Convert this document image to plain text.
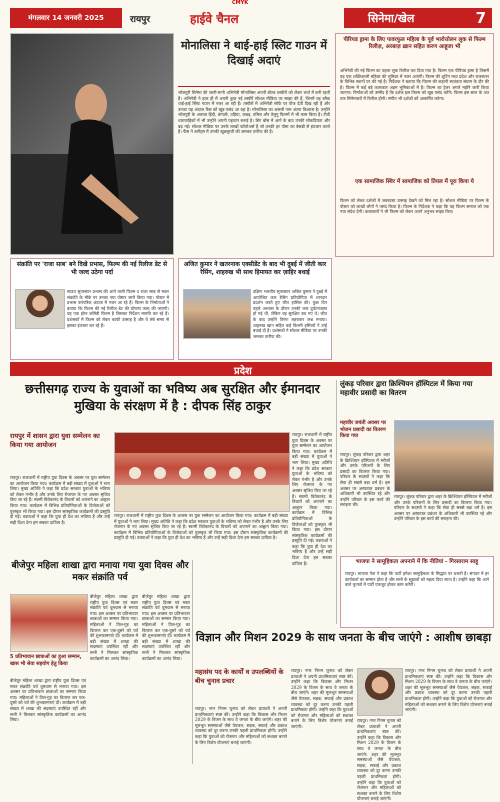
CMYK
मंगलवार 14 जनवरी 2025	रायपुर	हाईवे चैनल	सिनेमा/खेल	7
मोनालिसा ने थाई-हाई स्लिट गाउन में दिखाई अदाएं
भोजपुरी सिनेमा की जानी-मानी अभिनेत्री मोनालिसा अपनी बोल्ड तस्वीरों को लेकर चर्चा में बनी रहती हैं। अभिनेत्री ने हाल ही में अपनी कुछ नई तस्वीरें सोशल मीडिया पर साझा की हैं, जिनमें वह ब्लैक थाई-हाई स्लिट गाउन में नजर आ रही हैं। तस्वीरों में अभिनेत्री सोफे पर पोज देती दिख रही हैं और उनका यह अंदाज फैंस को खूब पसंद आ रहा है। मोनालिसा का असली नाम अंतरा विश्वास है। उन्होंने भोजपुरी के अलावा हिंदी, बंगाली, उड़िया, कन्नड़, तमिल और तेलुगू फिल्मों में भी काम किया है। टीवी धारावाहिकों में भी उन्होंने अपनी पहचान बनाई है। बिग बॉस में आने के बाद उनकी लोकप्रियता और बढ़ गई। सोशल मीडिया पर उनके लाखों फॉलोअर्स हैं जो उनकी हर पोस्ट का बेसब्री से इंतजार करते हैं। फैंस ने कमेंट्स में उनकी खूबसूरती की जमकर तारीफ की है।
पीरियड ड्रामा के लिए पावरफुल महिला के पूर्व भारोत्तोलन लुक से फिल्म रिलीज़, अरबाज़ ख़ान सहित करण आहूजा भी
अभिनेत्री की नई फिल्म का पहला लुक रिलीज कर दिया गया है। फिल्म एक पीरियड ड्रामा है जिसमें वह एक शक्तिशाली महिला की भूमिका में नजर आएंगी। फिल्म की शूटिंग मध्य प्रदेश और राजस्थान के विभिन्न स्थानों पर की गई है। निर्देशक ने बताया कि फिल्म की कहानी स्वतंत्रता संग्राम के दौर की है। फिल्म में कई बड़े कलाकार अहम भूमिकाओं में हैं। फिल्म का ट्रेलर अगले महीने जारी किया जाएगा। निर्माताओं को उम्मीद है कि दर्शक इस फिल्म को खूब पसंद करेंगे। फिल्म इस साल के अंत तक सिनेमाघरों में रिलीज होगी। संगीत भी दर्शकों को आकर्षित करेगा।
एक सामाजिक स्थिर में सामाजिक को तियल में पूरा किया ये
फिल्म को लेकर दर्शकों में जबरदस्त उत्साह देखने को मिल रहा है। सोशल मीडिया पर फिल्म के पोस्टर को लाखों लोगों ने पसंद किया है। फिल्म के निर्देशक ने कहा कि यह फिल्म समाज को एक नया संदेश देगी। कलाकारों ने भी फिल्म को लेकर अपने अनुभव साझा किए।
संक्रांति पर 'राजा साब' बने दिखे प्रभास, फिल्म की नई रिलीज डेट से भी जल्द उठेगा पर्दा
साउथ सुपरस्टार प्रभास की आने वाली फिल्म द राजा साब से मकर संक्रांति के मौके पर उनका नया पोस्टर जारी किया गया। पोस्टर में प्रभास पारंपरिक अंदाज में नजर आ रहे हैं। फिल्म के निर्माताओं ने बताया कि फिल्म की नई रिलीज डेट की घोषणा जल्द की जाएगी। यह एक हॉरर कॉमेडी फिल्म है जिसका निर्देशन मारुति कर रहे हैं। प्रशंसकों में फिल्म को लेकर काफी उत्साह है और वे लंबे समय से इसका इंतजार कर रहे हैं।
अजित कुमार ने खतरनाक एक्सीडेंट के बाद भी दुबई में जीती कार रेसिंग, शाहरुख भी साथ हिमायत कर ज़ाहिर बधाई
दक्षिण भारतीय सुपरस्टार अजित कुमार ने दुबई में आयोजित कार रेसिंग प्रतियोगिता में शानदार प्रदर्शन करते हुए जीत हासिल की। कुछ दिन पहले अभ्यास के दौरान उनकी कार दुर्घटनाग्रस्त हो गई थी, लेकिन वह सुरक्षित बच गए थे। जीत के बाद उन्होंने तिरंगा लहराकर जश्न मनाया। शाहरुख खान सहित कई फिल्मी हस्तियों ने उन्हें बधाई दी है। प्रशंसकों ने सोशल मीडिया पर उनकी जमकर तारीफ की।
प्रदेश
छत्तीसगढ़ राज्य के युवाओं का भविष्य अब सुरक्षित और ईमानदार मुखिया के संरक्षण में है : दीपक सिंह ठाकुर
रायपुर में शासन द्वारा युवा सम्मेलन का किया गया आयोजन
रायपुर। राजधानी में राष्ट्रीय युवा दिवस के अवसर पर युवा सम्मेलन का आयोजन किया गया। कार्यक्रम में बड़ी संख्या में युवाओं ने भाग लिया। मुख्य अतिथि ने कहा कि प्रदेश सरकार युवाओं के भविष्य को लेकर गंभीर है और उनके लिए रोजगार के नए अवसर सृजित किए जा रहे हैं। स्वामी विवेकानंद के विचारों को अपनाने का आह्वान किया गया। कार्यक्रम में विभिन्न प्रतियोगिताओं के विजेताओं को पुरस्कृत भी किया गया। इस दौरान सांस्कृतिक कार्यक्रमों की प्रस्तुति दी गई। वक्ताओं ने कहा कि युवा ही देश का भविष्य हैं और उन्हें सही दिशा देना हम सबका दायित्व है।
रायपुर। राजधानी में राष्ट्रीय युवा दिवस के अवसर पर युवा सम्मेलन का आयोजन किया गया। कार्यक्रम में बड़ी संख्या में युवाओं ने भाग लिया। मुख्य अतिथि ने कहा कि प्रदेश सरकार युवाओं के भविष्य को लेकर गंभीर है और उनके लिए रोजगार के नए अवसर सृजित किए जा रहे हैं। स्वामी विवेकानंद के विचारों को अपनाने का आह्वान किया गया। कार्यक्रम में विभिन्न प्रतियोगिताओं के विजेताओं को पुरस्कृत भी किया गया। इस दौरान सांस्कृतिक कार्यक्रमों की प्रस्तुति दी गई। वक्ताओं ने कहा कि युवा ही देश का भविष्य हैं और उन्हें सही दिशा देना हम सबका दायित्व है।
रायपुर। राजधानी में राष्ट्रीय युवा दिवस के अवसर पर युवा सम्मेलन का आयोजन किया गया। कार्यक्रम में बड़ी संख्या में युवाओं ने भाग लिया। मुख्य अतिथि ने कहा कि प्रदेश सरकार युवाओं के भविष्य को लेकर गंभीर है और उनके लिए रोजगार के नए अवसर सृजित किए जा रहे हैं। स्वामी विवेकानंद के विचारों को अपनाने का आह्वान किया गया। कार्यक्रम में विभिन्न प्रतियोगिताओं के विजेताओं को पुरस्कृत भी किया गया। इस दौरान सांस्कृतिक कार्यक्रमों की प्रस्तुति दी गई। वक्ताओं ने कहा कि युवा ही देश का भविष्य हैं और उन्हें सही दिशा देना हम सबका दायित्व है।
लुंकड़ परिवार द्वारा क्रिश्चियन हॉस्पिटल में किया गया महावीर प्रसादी का वितरण
महावीर जयंती अवसर पर भोजन प्रसादी का वितरण किया गया
रायपुर। लुंकड़ परिवार द्वारा शहर के क्रिश्चियन हॉस्पिटल में मरीजों और उनके परिजनों के लिए प्रसादी का वितरण किया गया। परिवार के सदस्यों ने कहा कि सेवा ही सबसे बड़ा धर्म है। इस अवसर पर अस्पताल प्रबंधन के अधिकारी भी उपस्थित रहे और उन्होंने परिवार के इस कार्य की सराहना की।
रायपुर। लुंकड़ परिवार द्वारा शहर के क्रिश्चियन हॉस्पिटल में मरीजों और उनके परिजनों के लिए प्रसादी का वितरण किया गया। परिवार के सदस्यों ने कहा कि सेवा ही सबसे बड़ा धर्म है। इस अवसर पर अस्पताल प्रबंधन के अधिकारी भी उपस्थित रहे और उन्होंने परिवार के इस कार्य की सराहना की।
भाजपा ने सामूहिकता अपनाने में कि नीतियां - गिरसाराम साहू
रायपुर। भाजपा नेता ने कहा कि पार्टी हमेशा सामूहिकता के सिद्धांत पर चलती है। संगठन में हर कार्यकर्ता का सम्मान होता है और सभी के सुझावों को महत्व दिया जाता है। उन्होंने कहा कि आने वाले चुनावों में पार्टी एकजुट होकर काम करेगी।
बीजेपुर महिला शाखा द्वारा मनाया गया युवा दिवस और मकर संक्रांति पर्व
5 प्रतिभावान छात्राओं का हुआ सम्मान, खास भी सेवा सहयोग हेतु किया
बीजेपुर महिला शाखा द्वारा राष्ट्रीय युवा दिवस एवं मकर संक्रांति पर्व धूमधाम से मनाया गया। इस अवसर पर प्रतिभावान छात्राओं का सम्मान किया गया। महिलाओं ने तिल-गुड़ का वितरण कर एक-दूसरे को पर्व की शुभकामनाएं दीं। कार्यक्रम में बड़ी संख्या में शाखा की सदस्याएं उपस्थित रहीं और सभी ने मिलकर सांस्कृतिक कार्यक्रमों का आनंद लिया।
बीजेपुर महिला शाखा द्वारा राष्ट्रीय युवा दिवस एवं मकर संक्रांति पर्व धूमधाम से मनाया गया। इस अवसर पर प्रतिभावान छात्राओं का सम्मान किया गया। महिलाओं ने तिल-गुड़ का वितरण कर एक-दूसरे को पर्व की शुभकामनाएं दीं। कार्यक्रम में बड़ी संख्या में शाखा की सदस्याएं उपस्थित रहीं और सभी ने मिलकर सांस्कृतिक कार्यक्रमों का आनंद लिया।
बीजेपुर महिला शाखा द्वारा राष्ट्रीय युवा दिवस एवं मकर संक्रांति पर्व धूमधाम से मनाया गया। इस अवसर पर प्रतिभावान छात्राओं का सम्मान किया गया। महिलाओं ने तिल-गुड़ का वितरण कर एक-दूसरे को पर्व की शुभकामनाएं दीं। कार्यक्रम में बड़ी संख्या में शाखा की सदस्याएं उपस्थित रहीं और सभी ने मिलकर सांस्कृतिक कार्यक्रमों का आनंद लिया।
विज्ञान और मिशन 2029 के साथ जनता के बीच जाएंगे : आशीष छाबड़ा
महासंघ पद के कार्यों व उपलब्धियों के बीच चुनाव प्रचार
रायपुर। नगर निगम चुनाव को लेकर प्रत्याशी ने अपनी प्राथमिकताएं स्पष्ट कीं। उन्होंने कहा कि विकास और मिशन 2029 के विजन के साथ वे जनता के बीच जाएंगे। शहर की मूलभूत समस्याओं जैसे पेयजल, सड़क, सफाई और प्रकाश व्यवस्था को दूर करना उनकी पहली प्राथमिकता होगी। उन्होंने कहा कि युवाओं को रोजगार और महिलाओं को सशक्त बनाने के लिए विशेष योजनाएं बनाई जाएंगी।
रायपुर। नगर निगम चुनाव को लेकर प्रत्याशी ने अपनी प्राथमिकताएं स्पष्ट कीं। उन्होंने कहा कि विकास और मिशन 2029 के विजन के साथ वे जनता के बीच जाएंगे। शहर की मूलभूत समस्याओं जैसे पेयजल, सड़क, सफाई और प्रकाश व्यवस्था को दूर करना उनकी पहली प्राथमिकता होगी। उन्होंने कहा कि युवाओं को रोजगार और महिलाओं को सशक्त बनाने के लिए विशेष योजनाएं बनाई जाएंगी।
रायपुर। नगर निगम चुनाव को लेकर प्रत्याशी ने अपनी प्राथमिकताएं स्पष्ट कीं। उन्होंने कहा कि विकास और मिशन 2029 के विजन के साथ वे जनता के बीच जाएंगे। शहर की मूलभूत समस्याओं जैसे पेयजल, सड़क, सफाई और प्रकाश व्यवस्था को दूर करना उनकी पहली प्राथमिकता होगी। उन्होंने कहा कि युवाओं को रोजगार और महिलाओं को सशक्त बनाने के लिए विशेष योजनाएं बनाई जाएंगी।
रायपुर। नगर निगम चुनाव को लेकर प्रत्याशी ने अपनी प्राथमिकताएं स्पष्ट कीं। उन्होंने कहा कि विकास और मिशन 2029 के विजन के साथ वे जनता के बीच जाएंगे। शहर की मूलभूत समस्याओं जैसे पेयजल, सड़क, सफाई और प्रकाश व्यवस्था को दूर करना उनकी पहली प्राथमिकता होगी। उन्होंने कहा कि युवाओं को रोजगार और महिलाओं को सशक्त बनाने के लिए विशेष योजनाएं बनाई जाएंगी।
